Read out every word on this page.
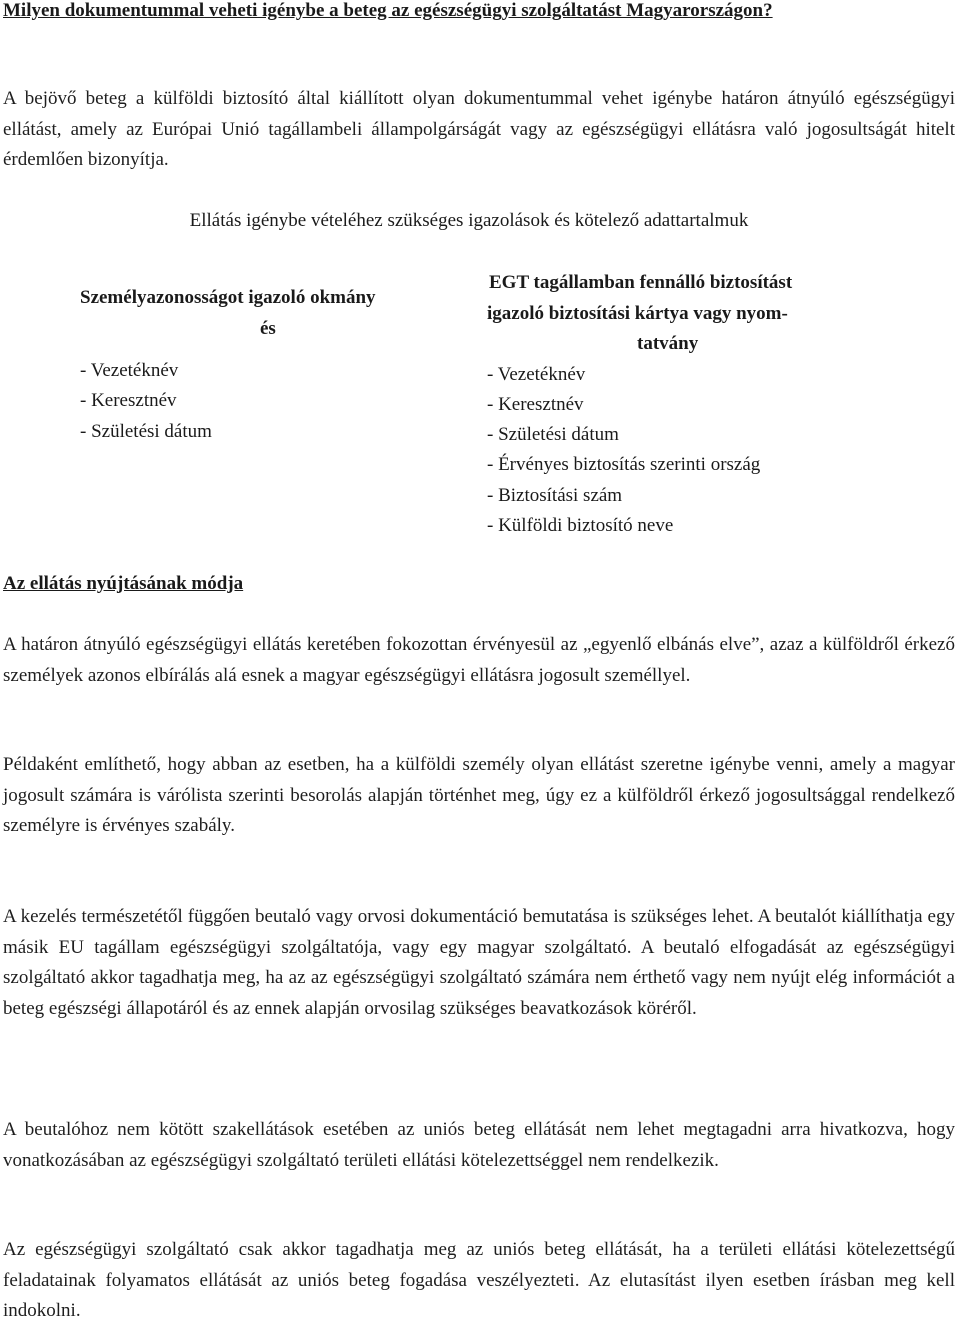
Milyen dokumentummal veheti igénybe a beteg az egészségügyi szolgáltatást Magyarországon?

A bejövő beteg a külföldi biztosító által kiállított olyan dokumentummal vehet igénybe határon átnyúló egészségügyi ellátást, amely az Európai Unió tagállambeli állampolgárságát vagy az egészségügyi ellátásra való jogosultságát hitelt érdemlően bizonyítja.

Ellátás igénybe vételéhez szükséges igazolások és kötelező adattartalmuk

Személyazonosságot igazoló okmány
és
- Vezetéknév
- Keresztnév
- Születési dátum
EGT tagállamban fennálló biztosítást
igazoló biztosítási kártya vagy nyom-
tatvány
- Vezetéknév
- Keresztnév
- Születési dátum
- Érvényes biztosítás szerinti ország
- Biztosítási szám
- Külföldi biztosító neve
Az ellátás nyújtásának módja

A határon átnyúló egészségügyi ellátás keretében fokozottan érvényesül az „egyenlő elbánás elve”, azaz a külföldről érkező személyek azonos elbírálás alá esnek a magyar egészségügyi ellátásra jogosult személlyel.

Példaként említhető, hogy abban az esetben, ha a külföldi személy olyan ellátást szeretne igénybe venni, amely a magyar jogosult számára is várólista szerinti besorolás alapján történhet meg, úgy ez a külföldről érkező jogosultsággal rendelkező személyre is érvényes szabály.

A kezelés természetétől függően beutaló vagy orvosi dokumentáció bemutatása is szükséges lehet. A beutalót kiállíthatja egy másik EU tagállam egészségügyi szolgáltatója, vagy egy magyar szolgáltató. A beutaló elfogadását az egészségügyi szolgáltató akkor tagadhatja meg, ha az az egészségügyi szolgáltató számára nem érthető vagy nem nyújt elég információt a beteg egészségi állapotáról és az ennek alapján orvosilag szükséges beavatkozások köréről.

A beutalóhoz nem kötött szakellátások esetében az uniós beteg ellátását nem lehet megtagadni arra hivatkozva, hogy vonatkozásában az egészségügyi szolgáltató területi ellátási kötelezettséggel nem rendelkezik.

Az egészségügyi szolgáltató csak akkor tagadhatja meg az uniós beteg ellátását, ha a területi ellátási kötelezettségű feladatainak folyamatos ellátását az uniós beteg fogadása veszélyezteti. Az elutasítást ilyen esetben írásban meg kell indokolni.
